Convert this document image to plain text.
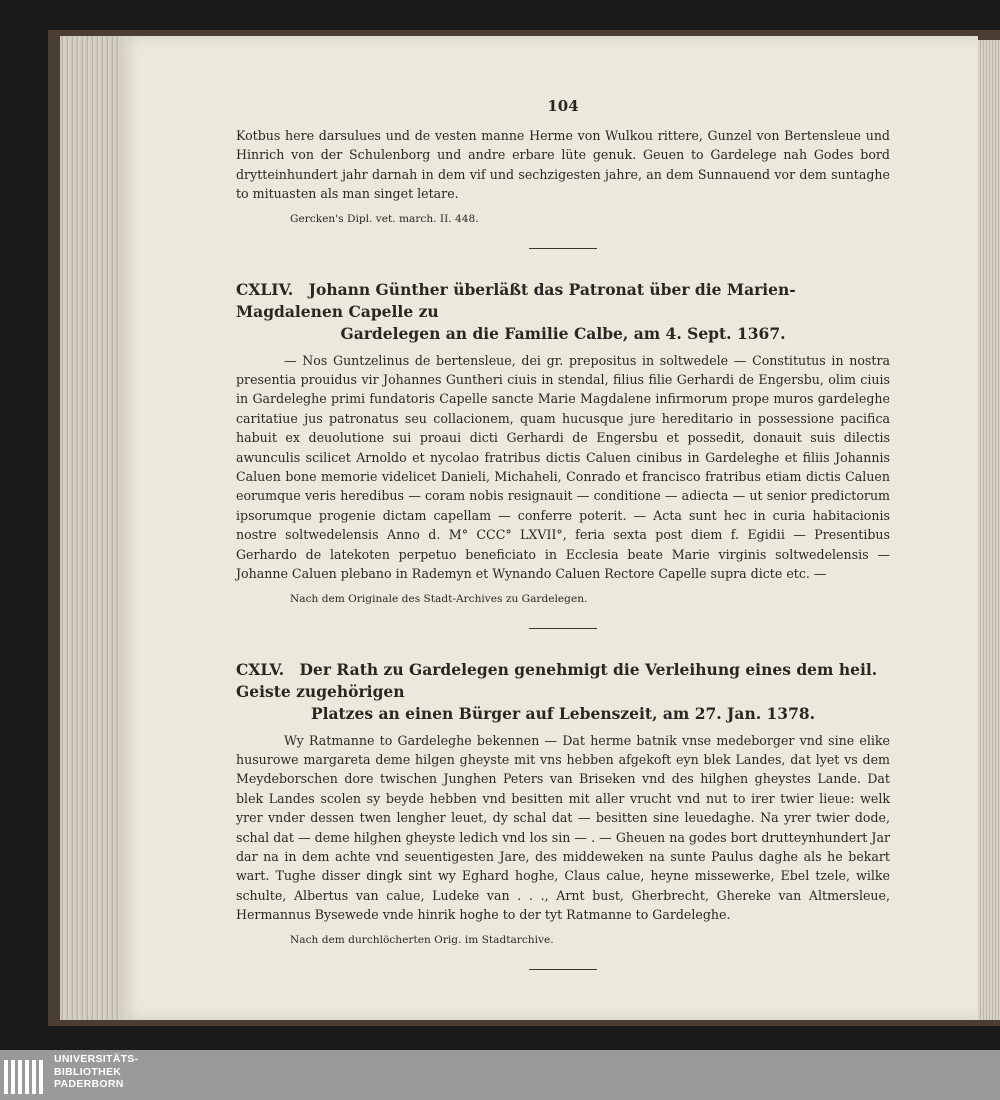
104

Kotbus here darsulues und de vesten manne Herme von Wulkou rittere, Gunzel von Bertensleue und Hinrich von der Schulenborg und andre erbare lüte genuk. Geuen to Gardelege nah Godes bord drytteinhundert jahr darnah in dem vif und sechzigesten jahre, an dem Sunnauend vor dem suntaghe to mituasten als man singet letare.

Gercken's Dipl. vet. march. II. 448.
CXLIV. Johann Günther überläßt das Patronat über die Marien-Magdalenen Capelle zu
Gardelegen an die Familie Calbe, am 4. Sept. 1367.

— Nos Guntzelinus de bertensleue, dei gr. prepositus in soltwedele — Constitutus in nostra presentia prouidus vir Johannes Guntheri ciuis in stendal, filius filie Gerhardi de Engersbu, olim ciuis in Gardeleghe primi fundatoris Capelle sancte Marie Magdalene infirmorum prope muros gardeleghe caritatiue jus patronatus seu collacionem, quam hucusque jure hereditario in possessione pacifica habuit ex deuolutione sui proaui dicti Gerhardi de Engersbu et possedit, donauit suis dilectis awunculis scilicet Arnoldo et nycolao fratribus dictis Caluen cinibus in Gardeleghe et filiis Johannis Caluen bone memorie videlicet Danieli, Michaheli, Conrado et francisco fratribus etiam dictis Caluen eorumque veris heredibus — coram nobis resignauit — conditione — adiecta — ut senior predictorum ipsorumque progenie dictam capellam — conferre poterit. — Acta sunt hec in curia habitacionis nostre soltwedelensis Anno d. M° CCC° LXVII°, feria sexta post diem f. Egidii — Presentibus Gerhardo de latekoten perpetuo beneficiato in Ecclesia beate Marie virginis soltwedelensis — Johanne Caluen plebano in Rademyn et Wynando Caluen Rectore Capelle supra dicte etc. —

Nach dem Originale des Stadt-Archives zu Gardelegen.
CXLV. Der Rath zu Gardelegen genehmigt die Verleihung eines dem heil. Geiste zugehörigen
Platzes an einen Bürger auf Lebenszeit, am 27. Jan. 1378.

Wy Ratmanne to Gardeleghe bekennen — Dat herme batnik vnse medeborger vnd sine elike husurowe margareta deme hilgen gheyste mit vns hebben afgekoft eyn blek Landes, dat lyet vs dem Meydeborschen dore twischen Junghen Peters van Briseken vnd des hilghen gheystes Lande. Dat blek Landes scolen sy beyde hebben vnd besitten mit aller vrucht vnd nut to irer twier lieue: welk yrer vnder dessen twen lengher leuet, dy schal dat — besitten sine leuedaghe. Na yrer twier dode, schal dat — deme hilghen gheyste ledich vnd los sin — . — Gheuen na godes bort drutteynhundert Jar dar na in dem achte vnd seuentigesten Jare, des middeweken na sunte Paulus daghe als he bekart wart. Tughe disser dingk sint wy Eghard hoghe, Claus calue, heyne missewerke, Ebel tzele, wilke schulte, Albertus van calue, Ludeke van . . ., Arnt bust, Gherbrecht, Ghereke van Altmersleue, Hermannus Bysewede vnde hinrik hoghe to der tyt Ratmanne to Gardeleghe.

Nach dem durchlöcherten Orig. im Stadtarchive.
UNIVERSITÄTS-
BIBLIOTHEK
PADERBORN
